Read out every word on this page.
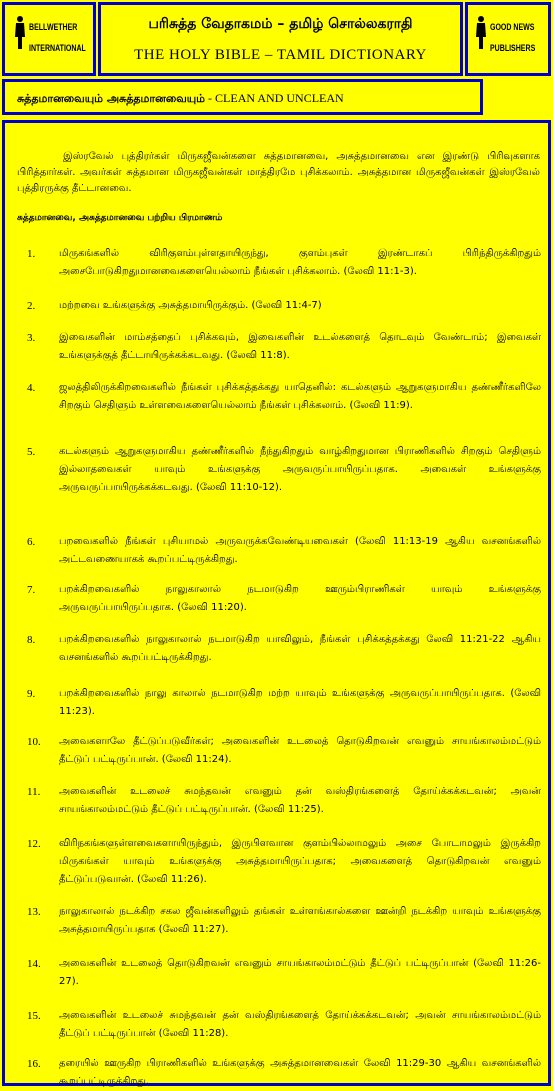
BELLWETHER
INTERNATIONAL
பரிசுத்த வேதாகமம் – தமிழ் சொல்லகராதி
THE HOLY BIBLE – TAMIL DICTIONARY
GOOD NEWS
PUBLISHERS
சுத்தமானவையும் அசுத்தமானவையும் - CLEAN AND UNCLEAN
இஸ்ரவேல் புத்திரர்கள் மிருகஜீவன்களை சுத்தமானவை, அசுத்தமானவை என இரண்டு பிரிவுகளாக பிரித்தார்கள். அவர்கள் சுத்தமான மிருகஜீவன்கள் மாத்திரமே புசிக்கலாம். அசுத்தமான மிருகஜீவன்கள் இஸ்ரவேல் புத்திரருக்கு தீட்டானவை.
சுத்தமானவை, அசுத்தமானவை பற்றிய பிரமாணம்
1.	மிருகங்களில் விரிகுளம்புள்ளதாயிருந்து, குளம்புகள் இரண்டாகப் பிரிந்திருக்கிறதும் அசைபோடுகிறதுமானவைகளையெல்லாம் நீங்கள் புசிக்கலாம். (லேவி 11:1-3).
2.	மற்றவை உங்களுக்கு அசுத்தமாயிருக்கும். (லேவி 11:4-7)
3.	இவைகளின் மாம்சத்தைப் புசிக்கவும், இவைகளின் உடல்களைத் தொடவும் வேண்டாம்; இவைகள் உங்களுக்குத் தீட்டாயிருக்கக்கடவது. (லேவி 11:8).
4.	ஜலத்திலிருக்கிறவைகளில் நீங்கள் புசிக்கத்தக்கது யாதெனில்: கடல்களும் ஆறுகளுமாகிய தண்ணீர்களிலே சிறகும் செதிளும் உள்ளவைகளையெல்லாம் நீங்கள் புசிக்கலாம். (லேவி 11:9).
5.	கடல்களும் ஆறுகளுமாகிய தண்ணீர்களில் நீந்துகிறதும் வாழ்கிறதுமான பிராணிகளில் சிறகும் செதிளும் இல்லாதவைகள் யாவும் உங்களுக்கு அருவருப்பாயிருப்பதாக. அவைகள் உங்களுக்கு அருவருப்பாயிருக்கக்கடவது. (லேவி 11:10-12).
6.	பறவைகளில் நீங்கள் புசியாமல் அருவருக்கவேண்டியவைகள் (லேவி 11:13-19 ஆகிய வசனங்களில் அட்டவணையாகக் கூறப்பட்டிருக்கிறது.
7.	பறக்கிறவைகளில் நாலுகாலால் நடமாடுகிற ஊரும்பிராணிகள் யாவும் உங்களுக்கு அருவருப்பாயிருப்பதாக. (லேவி 11:20).
8.	பறக்கிறவைகளில் நாலுகாலால் நடமாடுகிற யாவிலும், நீங்கள் புசிக்கத்தக்கது லேவி 11:21-22 ஆகிய வசனங்களில் கூறப்பட்டிருக்கிறது.
9.	பறக்கிறவைகளில் நாலு காலால் நடமாடுகிற மற்ற யாவும் உங்களுக்கு அருவருப்பாயிருப்பதாக. (லேவி 11:23).
10.	அவைகளாலே தீட்டுப்படுவீர்கள்; அவைகளின் உடலைத் தொடுகிறவன் எவனும் சாயங்காலம்மட்டும் தீட்டுப் பட்டிருப்பான். (லேவி 11:24).
11.	அவைகளின் உடலைச் சுமந்தவன் எவனும் தன் வஸ்திரங்களைத் தோய்க்கக்கடவன்; அவன் சாயங்காலம்மட்டும் தீட்டுப் பட்டிருப்பான். (லேவி 11:25).
12.	விரிநகங்களுள்ளவைகளாயிருந்தும், இருபிளவான குளம்பில்லாமலும் அசை போடாமலும் இருக்கிற மிருகங்கள் யாவும் உங்களுக்கு அசுத்தமாயிருப்பதாக; அவைகளைத் தொடுகிறவன் எவனும் தீட்டுப்படுவான். (லேவி 11:26).
13.	நாலுகாலால் நடக்கிற சகல ஜீவன்களிலும் தங்கள் உள்ளங்கால்களை ஊன்றி நடக்கிற யாவும் உங்களுக்கு அசுத்தமாயிருப்பதாக (லேவி 11:27).
14.	அவைகளின் உடலைத் தொடுகிறவன் எவனும் சாயங்காலம்மட்டும் தீட்டுப் பட்டிருப்பான் (லேவி 11:26-27).
15.	அவைகளின் உடலைச் சுமந்தவன் தன் வஸ்திரங்களைத் தோய்க்கக்கடவன்; அவன் சாயங்காலம்மட்டும் தீட்டுப் பட்டிருப்பான் (லேவி 11:28).
16.	தரையில் ஊருகிற பிராணிகளில் உங்களுக்கு அசுத்தமானவைகள் லேவி 11:29-30 ஆகிய வசனங்களில் கூறப்பட்டிருக்கிறது.
